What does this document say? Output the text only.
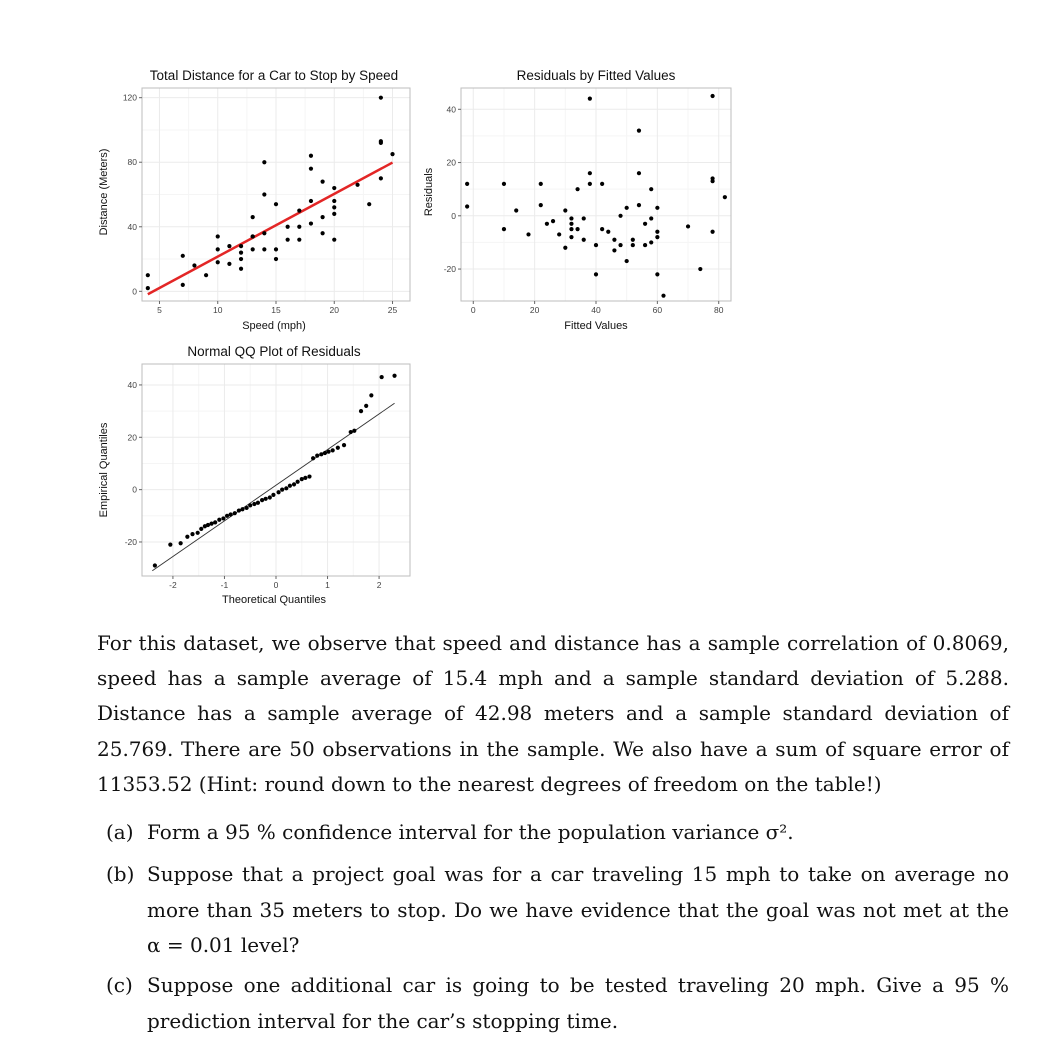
Total Distance for a Car to Stop by Speed
5	10	15	20	25
0
40
80
120
Speed (mph)
Distance (Meters)
Residuals by Fitted Values
0	20	40	60	80
-20
0
20
40
Fitted Values
Residuals
Normal QQ Plot of Residuals
-2	-1	0	1	2
-20
0
20
40
Theoretical Quantiles
Empirical Quantiles
For this dataset, we observe that speed and distance has a sample correlation of 0.8069, speed has a sample average of 15.4 mph and a sample standard deviation of 5.288. Distance has a sample average of 42.98 meters and a sample standard deviation of 25.769. There are 50 observations in the sample. We also have a sum of square error of 11353.52 (Hint: round down to the nearest degrees of freedom on the table!)
(a) Form a 95 % confidence interval for the population variance σ².
(b) Suppose that a project goal was for a car traveling 15 mph to take on average no more than 35 meters to stop. Do we have evidence that the goal was not met at the α = 0.01 level?
(c) Suppose one additional car is going to be tested traveling 20 mph. Give a 95 % prediction interval for the car’s stopping time.
